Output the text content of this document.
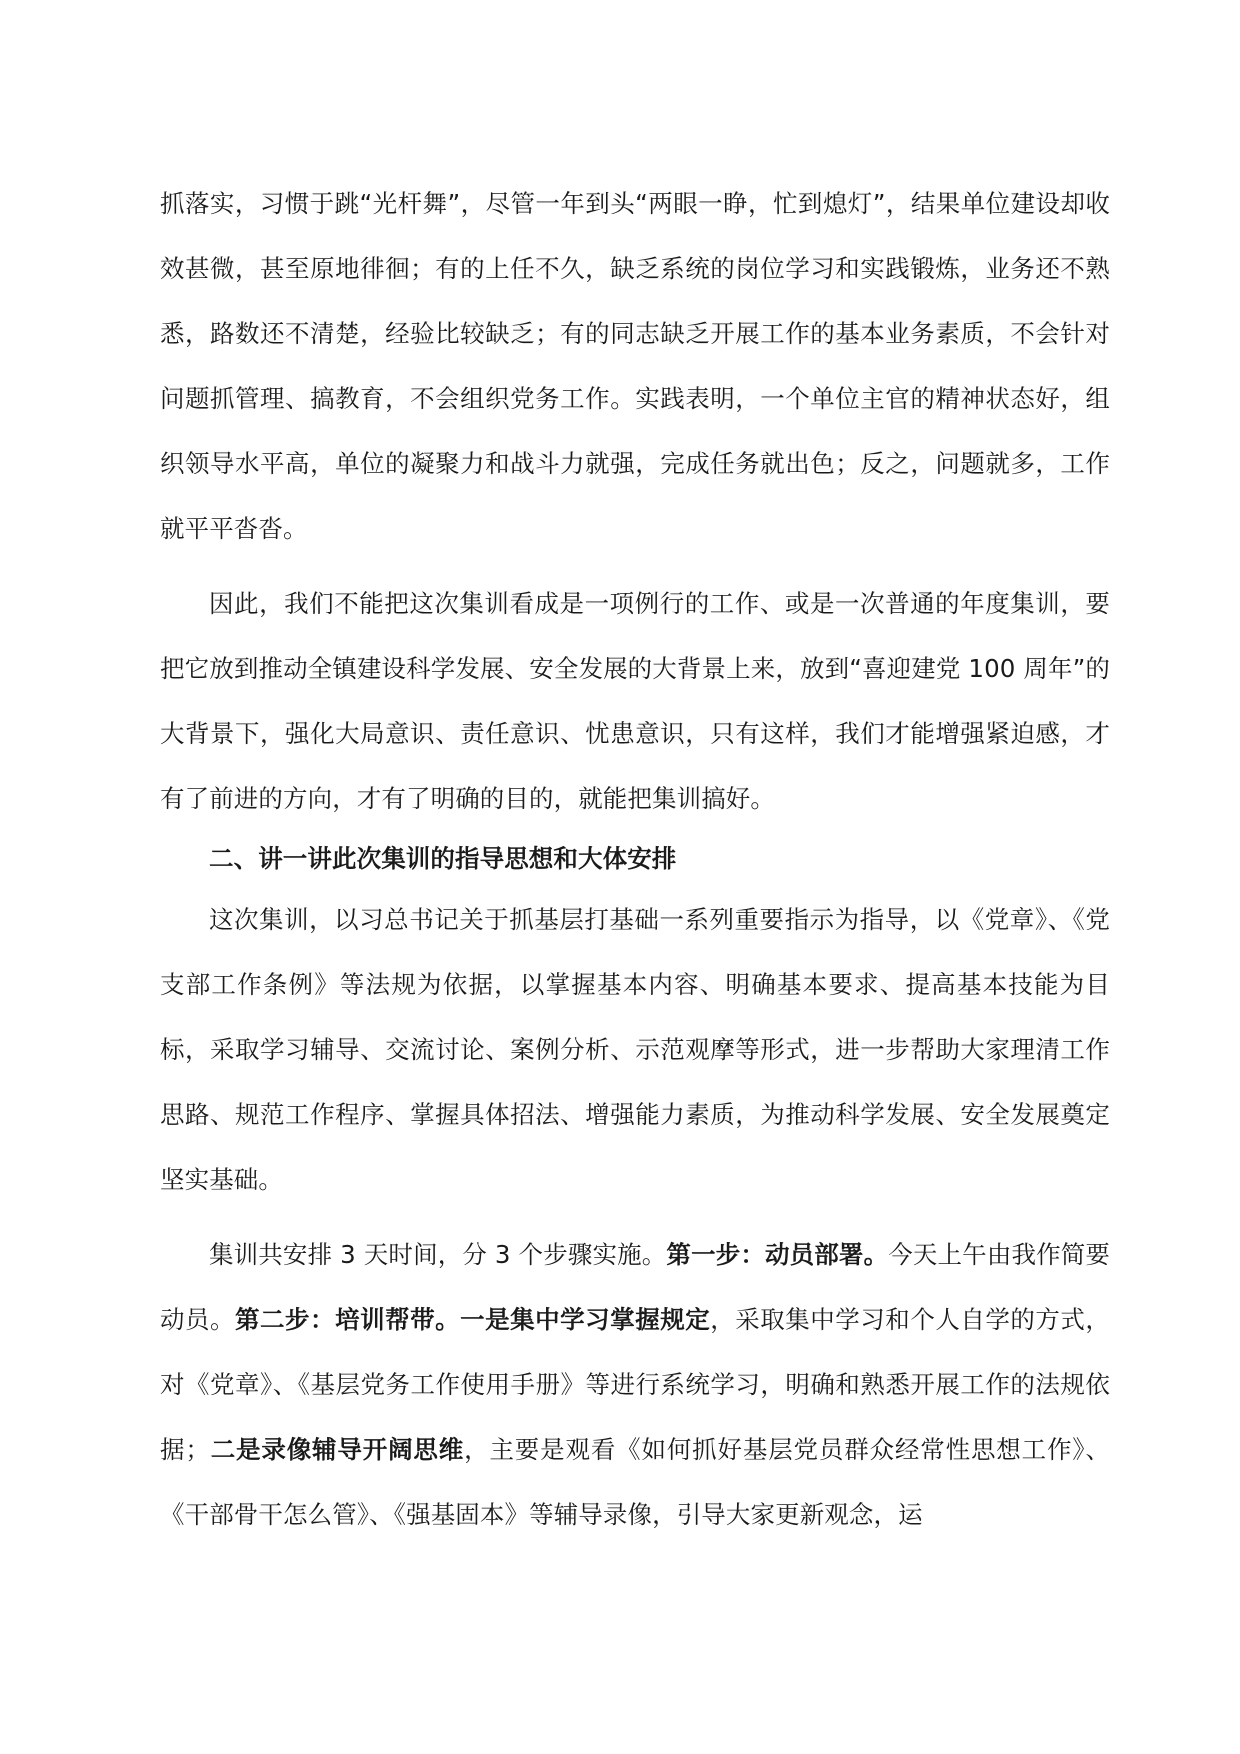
抓落实，习惯于跳“光杆舞”，尽管一年到头“两眼一睁，忙到熄灯”，结果单位建设却收效甚微，甚至原地徘徊；有的上任不久，缺乏系统的岗位学习和实践锻炼，业务还不熟悉，路数还不清楚，经验比较缺乏；有的同志缺乏开展工作的基本业务素质，不会针对问题抓管理、搞教育，不会组织党务工作。实践表明，一个单位主官的精神状态好，组织领导水平高，单位的凝聚力和战斗力就强，完成任务就出色；反之，问题就多，工作就平平沓沓。

因此，我们不能把这次集训看成是一项例行的工作、或是一次普通的年度集训，要把它放到推动全镇建设科学发展、安全发展的大背景上来，放到“喜迎建党 100 周年”的大背景下，强化大局意识、责任意识、忧患意识，只有这样，我们才能增强紧迫感，才有了前进的方向，才有了明确的目的，就能把集训搞好。

二、讲一讲此次集训的指导思想和大体安排

这次集训，以习总书记关于抓基层打基础一系列重要指示为指导，以《党章》、《党支部工作条例》等法规为依据，以掌握基本内容、明确基本要求、提高基本技能为目标，采取学习辅导、交流讨论、案例分析、示范观摩等形式，进一步帮助大家理清工作思路、规范工作程序、掌握具体招法、增强能力素质，为推动科学发展、安全发展奠定坚实基础。

集训共安排 3 天时间，分 3 个步骤实施。第一步：动员部署。今天上午由我作简要动员。第二步：培训帮带。一是集中学习掌握规定，采取集中学习和个人自学的方式，对《党章》、《基层党务工作使用手册》等进行系统学习，明确和熟悉开展工作的法规依据；二是录像辅导开阔思维，主要是观看《如何抓好基层党员群众经常性思想工作》、《干部骨干怎么管》、《强基固本》等辅导录像，引导大家更新观念，运
